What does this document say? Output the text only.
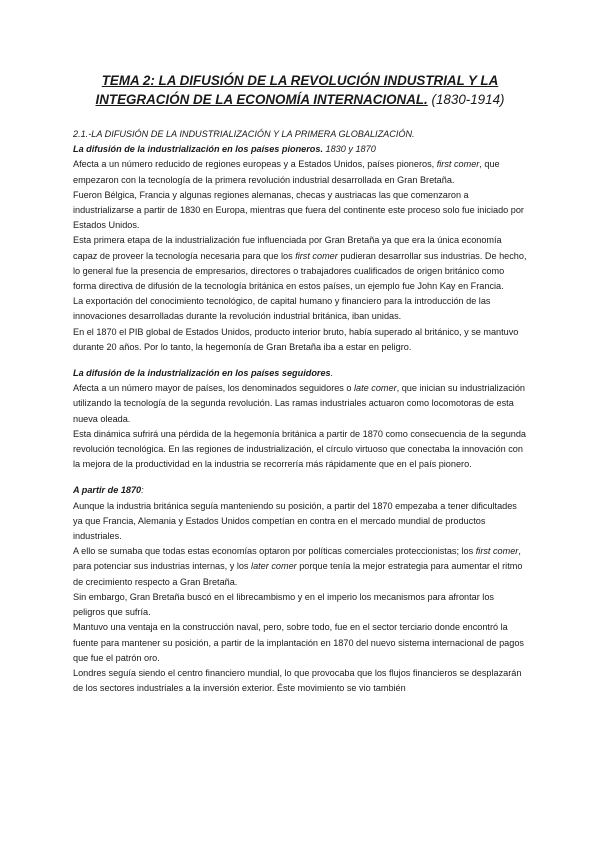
TEMA 2: LA DIFUSIÓN DE LA REVOLUCIÓN INDUSTRIAL Y LA INTEGRACIÓN DE LA ECONOMÍA INTERNACIONAL. (1830-1914)

2.1.-LA DIFUSIÓN DE LA INDUSTRIALIZACIÓN Y LA PRIMERA GLOBALIZACIÓN.

La difusión de la industrialización en los países pioneros. 1830 y 1870

Afecta a un número reducido de regiones europeas y a Estados Unidos, países pioneros, first comer, que empezaron con la tecnología de la primera revolución industrial desarrollada en Gran Bretaña.

Fueron Bélgica, Francia y algunas regiones alemanas, checas y austriacas las que comenzaron a industrializarse a partir de 1830 en Europa, mientras que fuera del continente este proceso solo fue iniciado por Estados Unidos.

Esta primera etapa de la industrialización fue influenciada por Gran Bretaña ya que era la única economía capaz de proveer la tecnología necesaria para que los first comer pudieran desarrollar sus industrias. De hecho, lo general fue la presencia de empresarios, directores o trabajadores cualificados de origen británico como forma directiva de difusión de la tecnología británica en estos países, un ejemplo fue John Kay en Francia.

La exportación del conocimiento tecnológico, de capital humano y financiero para la introducción de las innovaciones desarrolladas durante la revolución industrial británica, iban unidas.

En el 1870 el PIB global de Estados Unidos, producto interior bruto, había superado al británico, y se mantuvo durante 20 años. Por lo tanto, la hegemonía de Gran Bretaña iba a estar en peligro.

La difusión de la industrialización en los países seguidores.

Afecta a un número mayor de países, los denominados seguidores o late comer, que inician su industrialización utilizando la tecnología de la segunda revolución. Las ramas industriales actuaron como locomotoras de esta nueva oleada.

Esta dinámica sufrirá una pérdida de la hegemonía británica a partir de 1870 como consecuencia de la segunda revolución tecnológica. En las regiones de industrialización, el círculo virtuoso que conectaba la innovación con la mejora de la productividad en la industria se recorrería más rápidamente que en el país pionero.

A partir de 1870:

Aunque la industria británica seguía manteniendo su posición, a partir del 1870 empezaba a tener dificultades ya que Francia, Alemania y Estados Unidos competían en contra en el mercado mundial de productos industriales.

A ello se sumaba que todas estas economías optaron por políticas comerciales proteccionistas; los first comer, para potenciar sus industrias internas, y los later comer porque tenía la mejor estrategia para aumentar el ritmo de crecimiento respecto a Gran Bretaña.

Sin embargo, Gran Bretaña buscó en el librecambismo y en el imperio los mecanismos para afrontar los peligros que sufría.

Mantuvo una ventaja en la construcción naval, pero, sobre todo, fue en el sector terciario donde encontró la fuente para mantener su posición, a partir de la implantación en 1870 del nuevo sistema internacional de pagos que fue el patrón oro.

Londres seguía siendo el centro financiero mundial, lo que provocaba que los flujos financieros se desplazarán de los sectores industriales a la inversión exterior. Éste movimiento se vio también
